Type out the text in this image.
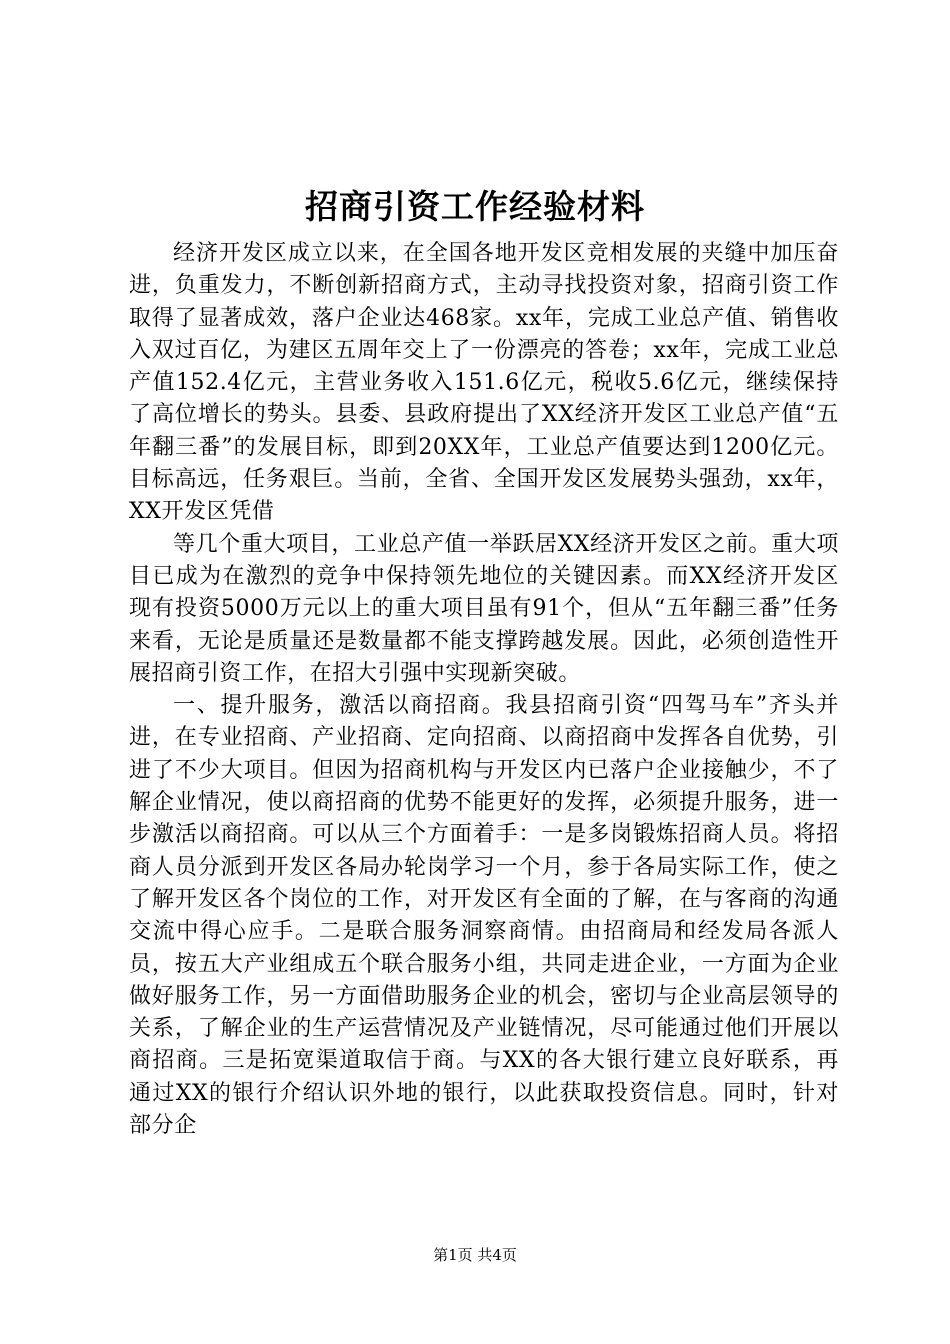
招商引资工作经验材料

经济开发区成立以来，在全国各地开发区竞相发展的夹缝中加压奋进，负重发力，不断创新招商方式，主动寻找投资对象，招商引资工作取得了显著成效，落户企业达468家。xx年，完成工业总产值、销售收入双过百亿，为建区五周年交上了一份漂亮的答卷；xx年，完成工业总产值152.4亿元，主营业务收入151.6亿元，税收5.6亿元，继续保持了高位增长的势头。县委、县政府提出了XX经济开发区工业总产值“五年翻三番”的发展目标，即到20XX年，工业总产值要达到1200亿元。目标高远，任务艰巨。当前，全省、全国开发区发展势头强劲，xx年，XX开发区凭借

等几个重大项目，工业总产值一举跃居XX经济开发区之前。重大项目已成为在激烈的竞争中保持领先地位的关键因素。而XX经济开发区现有投资5000万元以上的重大项目虽有91个，但从“五年翻三番”任务来看，无论是质量还是数量都不能支撑跨越发展。因此，必须创造性开展招商引资工作，在招大引强中实现新突破。

一、提升服务，激活以商招商。我县招商引资“四驾马车”齐头并进，在专业招商、产业招商、定向招商、以商招商中发挥各自优势，引进了不少大项目。但因为招商机构与开发区内已落户企业接触少，不了解企业情况，使以商招商的优势不能更好的发挥，必须提升服务，进一步激活以商招商。可以从三个方面着手：一是多岗锻炼招商人员。将招商人员分派到开发区各局办轮岗学习一个月，参于各局实际工作，使之了解开发区各个岗位的工作，对开发区有全面的了解，在与客商的沟通交流中得心应手。二是联合服务洞察商情。由招商局和经发局各派人员，按五大产业组成五个联合服务小组，共同走进企业，一方面为企业做好服务工作，另一方面借助服务企业的机会，密切与企业高层领导的关系，了解企业的生产运营情况及产业链情况，尽可能通过他们开展以商招商。三是拓宽渠道取信于商。与XX的各大银行建立良好联系，再通过XX的银行介绍认识外地的银行，以此获取投资信息。同时，针对部分企

第1页 共4页
